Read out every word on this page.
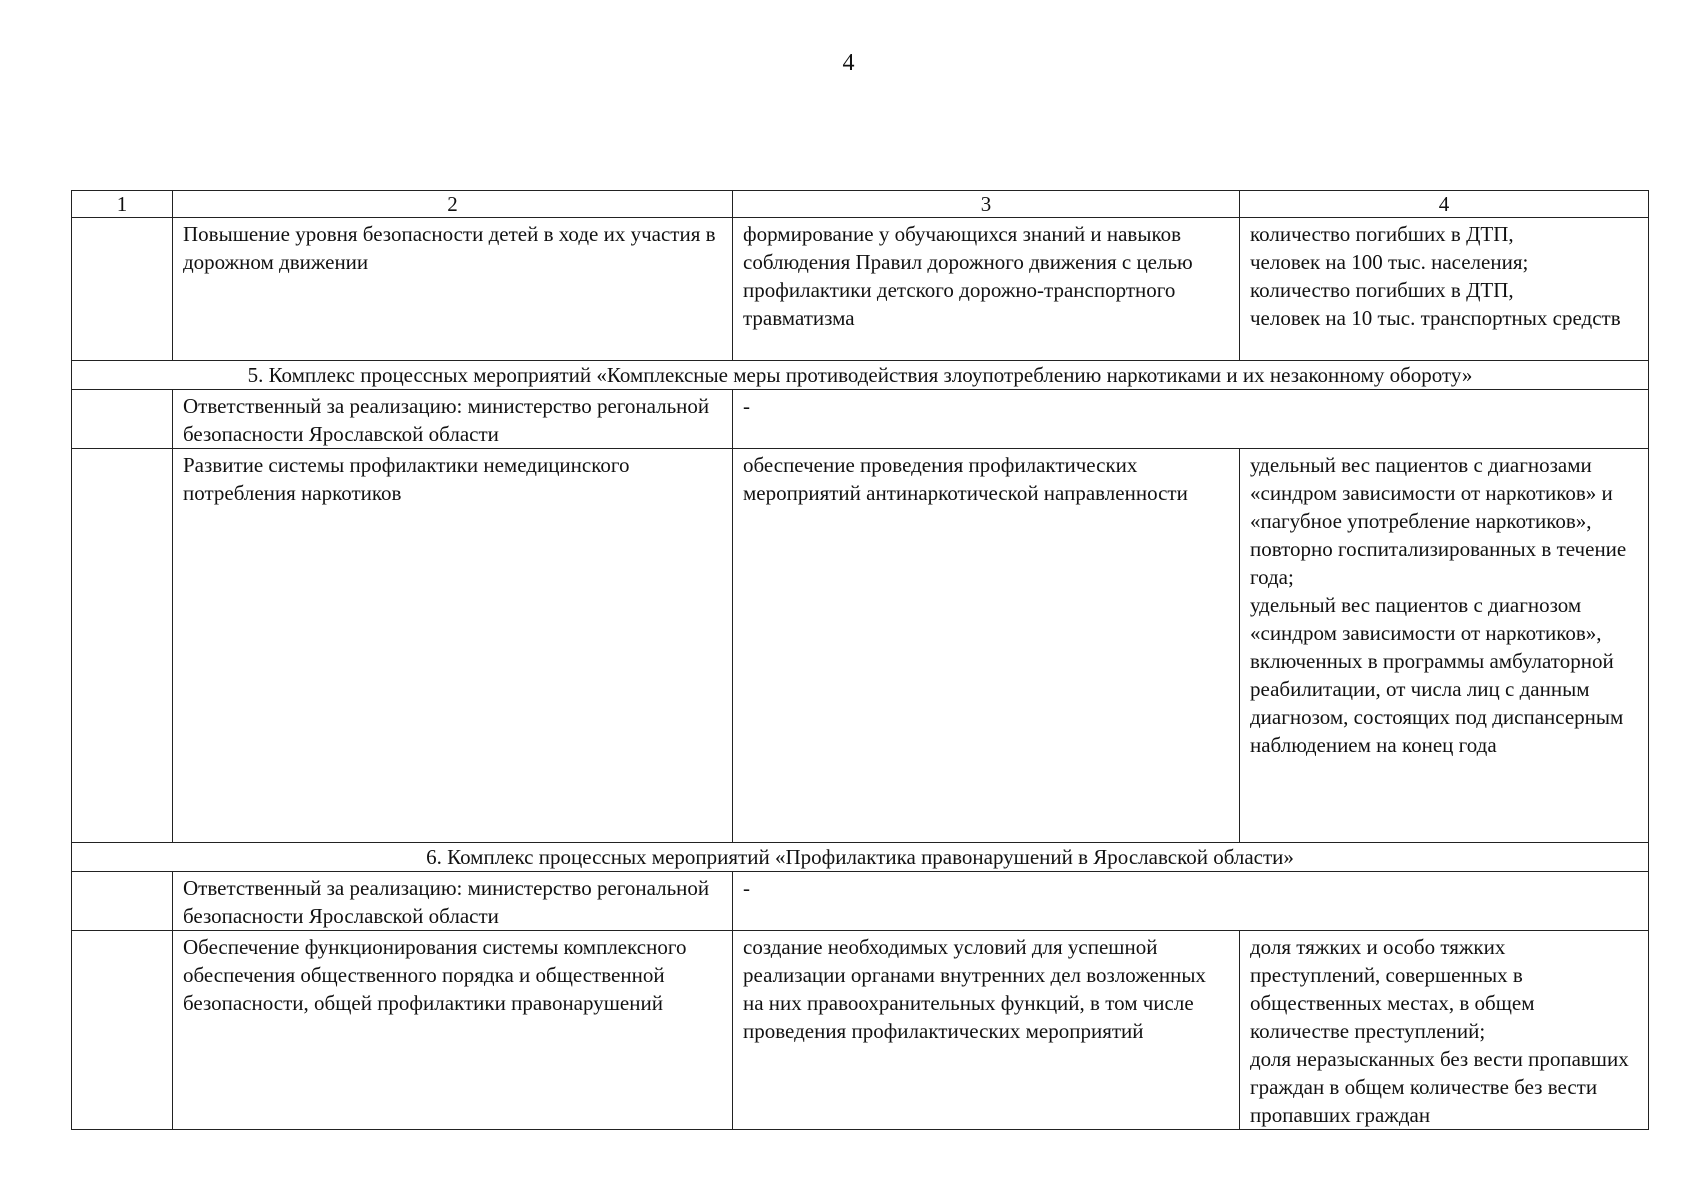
4
1	2	3	4
	Повышение уровня безопасности детей в ходе их участия в дорожном движении	формирование у обучающихся знаний и навыков соблюдения Правил дорожного движения с целью профилактики детского дорожно-транспортного травматизма	количество погибших в ДТП,
человек на 100 тыс. населения;
количество погибших в ДТП,
человек на 10 тыс. транспортных средств
5. Комплекс процессных мероприятий «Комплексные меры противодействия злоупотреблению наркотиками и их незаконному обороту»			
	Ответственный за реализацию: министерство регональной безопасности Ярославской области	-	
	Развитие системы профилактики немедицинского потребления наркотиков	обеспечение проведения профилактических мероприятий антинаркотической направленности	удельный вес пациентов с диагнозами «синдром зависимости от наркотиков» и «пагубное употребление наркотиков», повторно госпитализированных в течение года;
удельный вес пациентов с диагнозом «синдром зависимости от наркотиков», включенных в программы амбулаторной реабилитации, от числа лиц с данным диагнозом, состоящих под диспансерным наблюдением на конец года
6. Комплекс процессных мероприятий «Профилактика правонарушений в Ярославской области»			
	Ответственный за реализацию: министерство регональной безопасности Ярославской области	-	
	Обеспечение функционирования системы комплексного обеспечения общественного порядка и общественной безопасности, общей профилактики правонарушений	создание необходимых условий для успешной реализации органами внутренних дел возложенных на них правоохранительных функций, в том числе проведения профилактических мероприятий	доля тяжких и особо тяжких преступлений, совершенных в общественных местах, в общем количестве преступлений;
доля неразысканных без вести пропавших граждан в общем количестве без вести пропавших граждан
